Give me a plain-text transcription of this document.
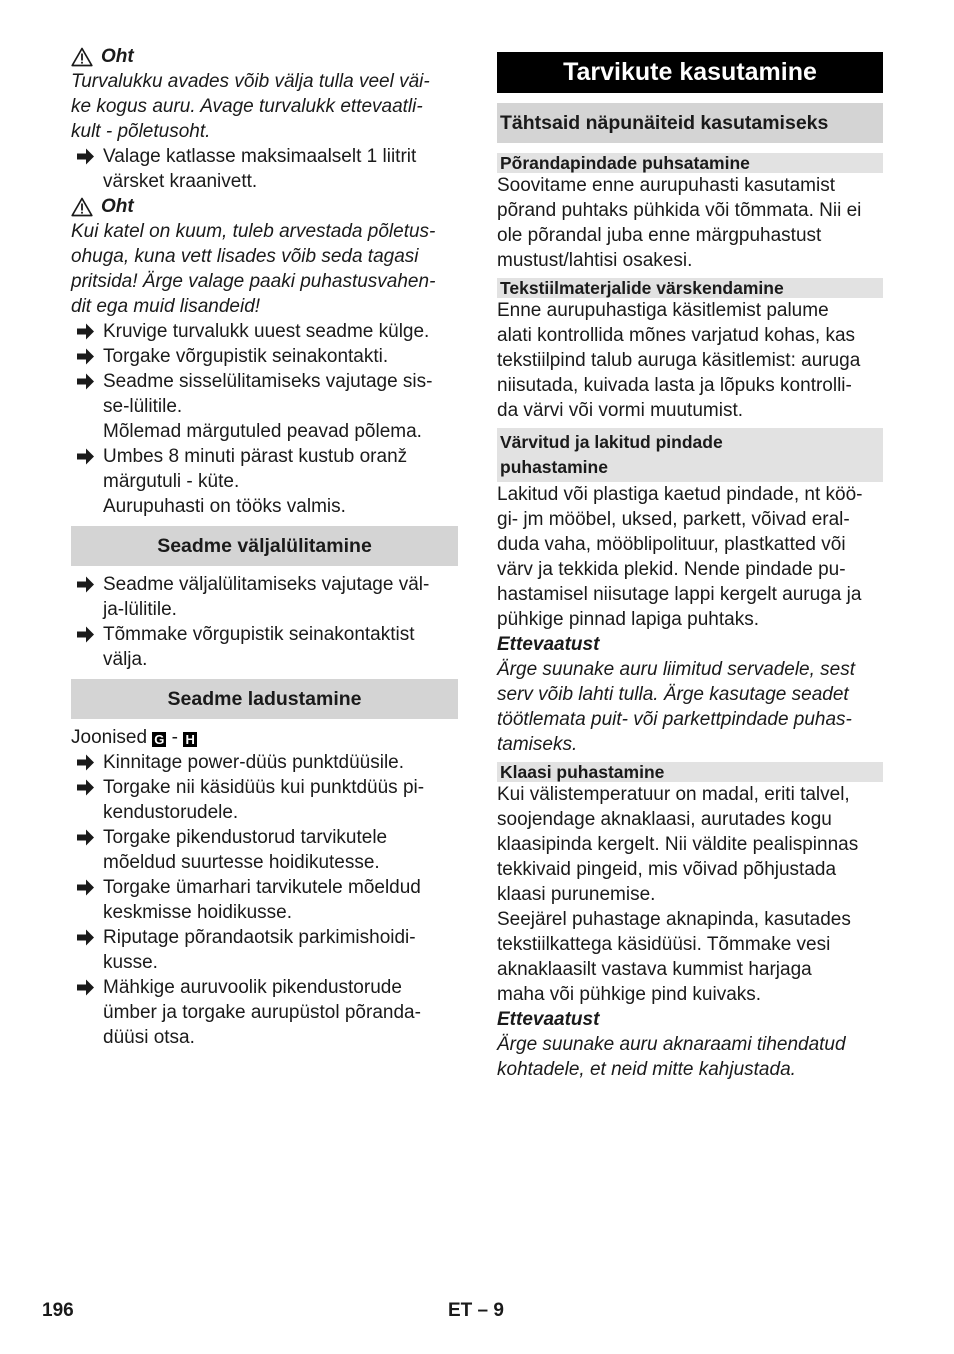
Oht

Turvalukku avades võib välja tulla veel väi-

ke kogus auru. Avage turvalukk ettevaatli-

kult - põletusoht.

Valage katlasse maksimaalselt 1 liitrit

värsket kraanivett.

Oht

Kui katel on kuum, tuleb arvestada põletus-

ohuga, kuna vett lisades võib seda tagasi

pritsida! Ärge valage paaki puhastusvahen-

dit ega muid lisandeid!

Kruvige turvalukk uuest seadme külge.

Torgake võrgupistik seinakontakti.

Seadme sisselülitamiseks vajutage sis-

se-lülitile.

Mõlemad märgutuled peavad põlema.

Umbes 8 minuti pärast kustub oranž

märgutuli - küte.

Aurupuhasti on tööks valmis.

Seadme väljalülitamine

Seadme väljalülitamiseks vajutage väl-

ja-lülitile.

Tõmmake võrgupistik seinakontaktist

välja.

Seadme ladustamine

Joonised G - H

Kinnitage power-düüs punktdüüsile.

Torgake nii käsidüüs kui punktdüüs pi-

kendustorudele.

Torgake pikendustorud tarvikutele

mõeldud suurtesse hoidikutesse.

Torgake ümarhari tarvikutele mõeldud

keskmisse hoidikusse.

Riputage põrandaotsik parkimishoidi-

kusse.

Mähkige auruvoolik pikendustorude

ümber ja torgake aurupüstol põranda-

düüsi otsa.

Tarvikute kasutamine
Tähtsaid näpunäiteid kasutamiseks
Põrandapindade puhsatamine

Soovitame enne aurupuhasti kasutamist

põrand puhtaks pühkida või tõmmata. Nii ei

ole põrandal juba enne märgpuhastust

mustust/lahtisi osakesi.

Tekstiilmaterjalide värskendamine

Enne aurupuhastiga käsitlemist palume

alati kontrollida mõnes varjatud kohas, kas

tekstiilpind talub auruga käsitlemist: auruga

niisutada, kuivada lasta ja lõpuks kontrolli-

da värvi või vormi muutumist.

Värvitud ja lakitud pindade
puhastamine

Lakitud või plastiga kaetud pindade, nt köö-

gi- jm mööbel, uksed, parkett, võivad eral-

duda vaha, mööblipolituur, plastkatted või

värv ja tekkida plekid. Nende pindade pu-

hastamisel niisutage lappi kergelt auruga ja

pühkige pinnad lapiga puhtaks.

Ettevaatust

Ärge suunake auru liimitud servadele, sest

serv võib lahti tulla. Ärge kasutage seadet

töötlemata puit- või parkettpindade puhas-

tamiseks.

Klaasi puhastamine

Kui välistemperatuur on madal, eriti talvel,

soojendage aknaklaasi, aurutades kogu

klaasipinda kergelt. Nii väldite pealispinnas

tekkivaid pingeid, mis võivad põhjustada

klaasi purunemise.

Seejärel puhastage aknapinda, kasutades

tekstiilkattega käsidüüsi. Tõmmake vesi

aknaklaasilt vastava kummist harjaga

maha või pühkige pind kuivaks.

Ettevaatust

Ärge suunake auru aknaraami tihendatud

kohtadele, et neid mitte kahjustada.

196	ET – 9
